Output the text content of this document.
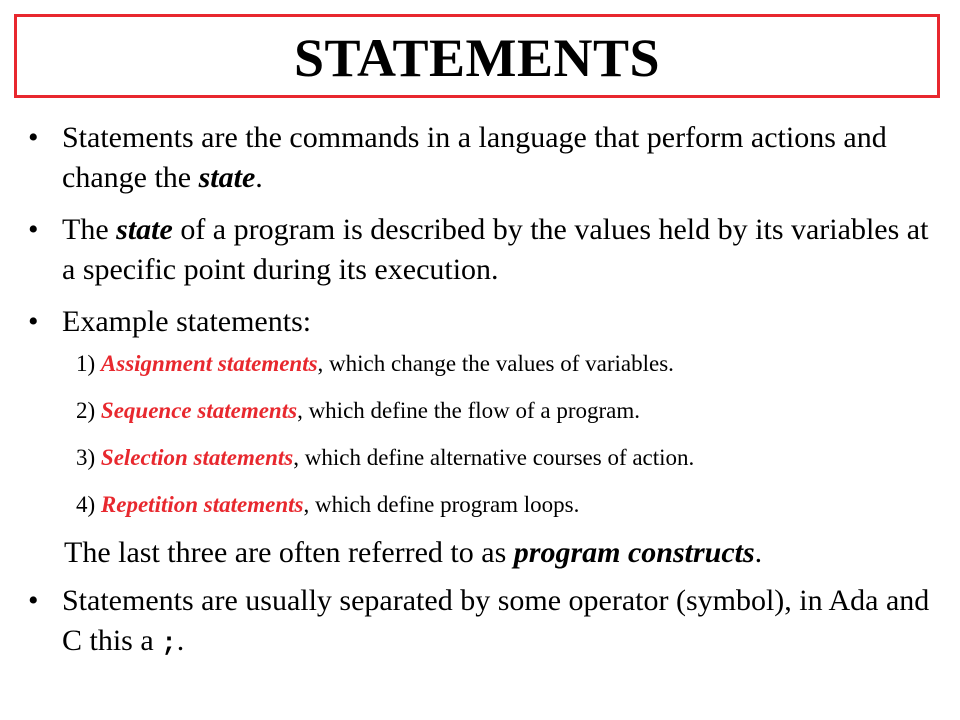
STATEMENTS
• Statements are the commands in a language that perform actions and change the state.
• The state of a program is described by the values held by its variables at a specific point during its execution.
• Example statements:
1) Assignment statements, which change the values of variables.
2) Sequence statements, which define the flow of a program.
3) Selection statements, which define alternative courses of action.
4) Repetition statements, which define program loops.
The last three are often referred to as program constructs.
• Statements are usually separated by some operator (symbol), in Ada and C this a ;.
